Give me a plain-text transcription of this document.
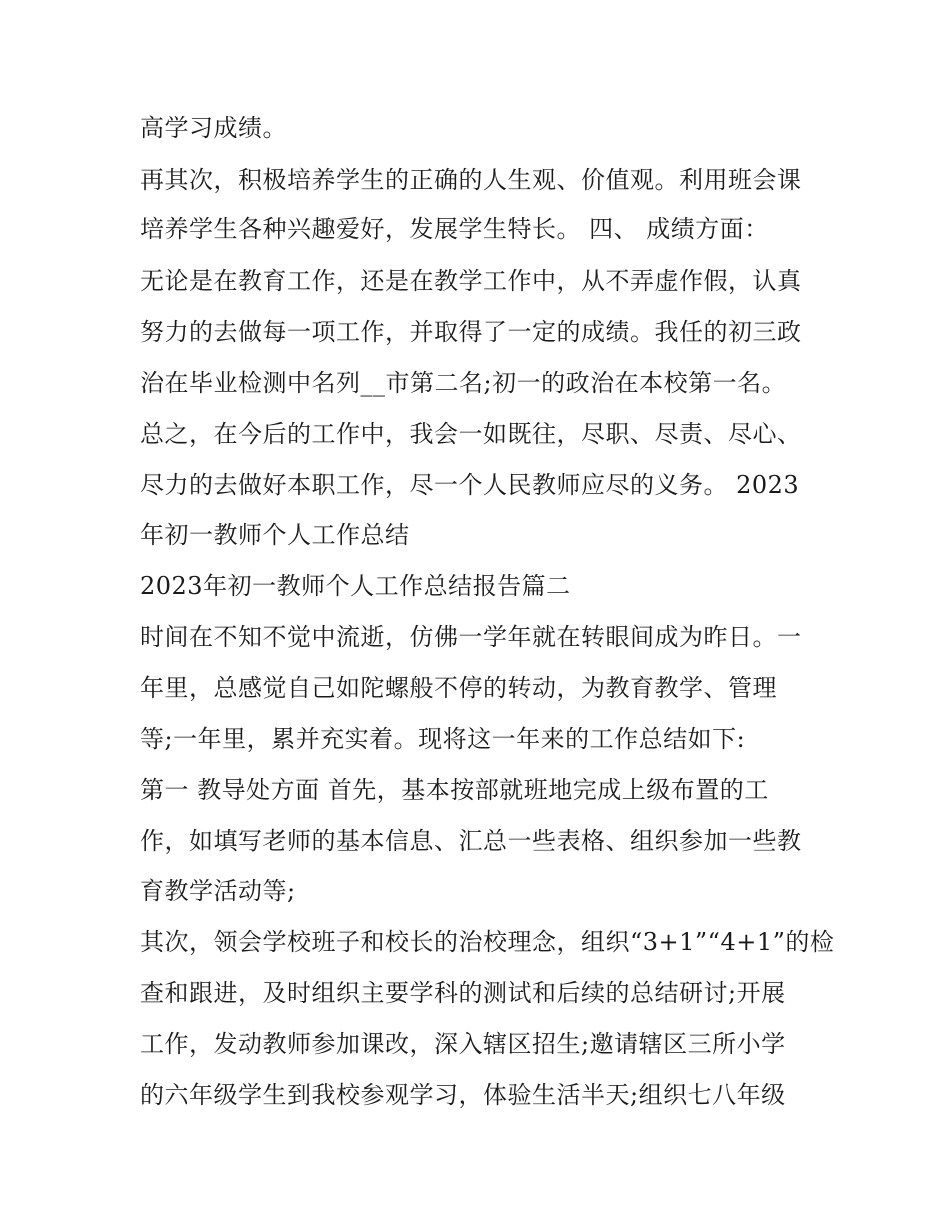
高学习成绩。

再其次，积极培养学生的正确的人生观、价值观。利用班会课

培养学生各种兴趣爱好，发展学生特长。 四、 成绩方面：

无论是在教育工作，还是在教学工作中，从不弄虚作假，认真

努力的去做每一项工作，并取得了一定的成绩。我任的初三政

治在毕业检测中名列__市第二名;初一的政治在本校第一名。

总之，在今后的工作中，我会一如既往，尽职、尽责、尽心、

尽力的去做好本职工作，尽一个人民教师应尽的义务。 2023

年初一教师个人工作总结

2023年初一教师个人工作总结报告篇二

时间在不知不觉中流逝，仿佛一学年就在转眼间成为昨日。一

年里，总感觉自己如陀螺般不停的转动，为教育教学、管理

等;一年里，累并充实着。现将这一年来的工作总结如下:

第一 教导处方面 首先，基本按部就班地完成上级布置的工

作，如填写老师的基本信息、汇总一些表格、组织参加一些教

育教学活动等;

其次，领会学校班子和校长的治校理念，组织“3+1”“4+1”的检

查和跟进，及时组织主要学科的测试和后续的总结研讨;开展

工作，发动教师参加课改，深入辖区招生;邀请辖区三所小学

的六年级学生到我校参观学习，体验生活半天;组织七八年级
